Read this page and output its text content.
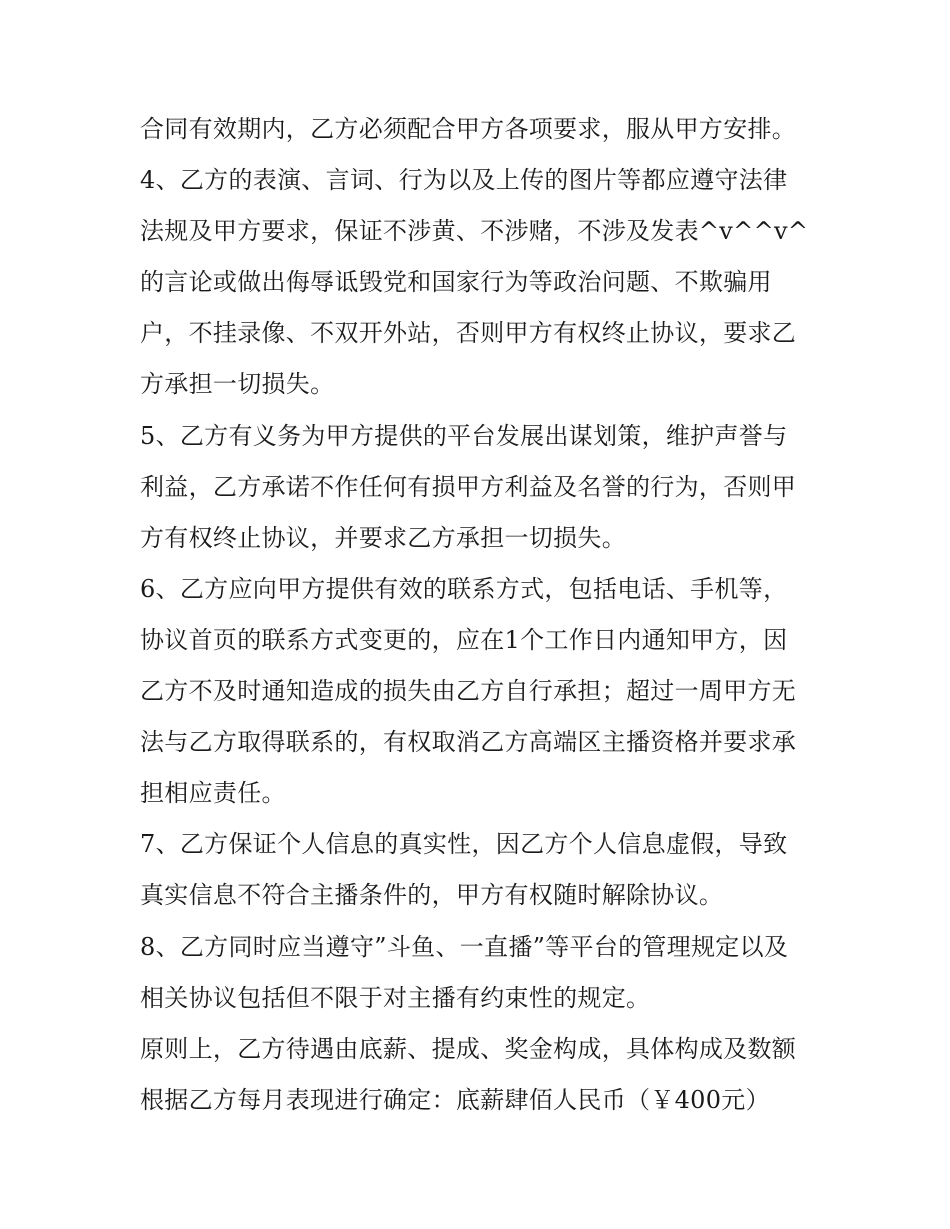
合同有效期内，乙方必须配合甲方各项要求，服从甲方安排。
4、乙方的表演、言词、行为以及上传的图片等都应遵守法律
法规及甲方要求，保证不涉黄、不涉赌，不涉及发表^v^^v^
的言论或做出侮辱诋毁党和国家行为等政治问题、不欺骗用
户，不挂录像、不双开外站，否则甲方有权终止协议，要求乙
方承担一切损失。
5、乙方有义务为甲方提供的平台发展出谋划策，维护声誉与
利益，乙方承诺不作任何有损甲方利益及名誉的行为，否则甲
方有权终止协议，并要求乙方承担一切损失。
6、乙方应向甲方提供有效的联系方式，包括电话、手机等，
协议首页的联系方式变更的，应在1个工作日内通知甲方，因
乙方不及时通知造成的损失由乙方自行承担；超过一周甲方无
法与乙方取得联系的，有权取消乙方高端区主播资格并要求承
担相应责任。
7、乙方保证个人信息的真实性，因乙方个人信息虚假，导致
真实信息不符合主播条件的，甲方有权随时解除协议。
8、乙方同时应当遵守”斗鱼、一直播”等平台的管理规定以及
相关协议包括但不限于对主播有约束性的规定。
原则上，乙方待遇由底薪、提成、奖金构成，具体构成及数额
根据乙方每月表现进行确定：底薪肆佰人民币（￥400元）
